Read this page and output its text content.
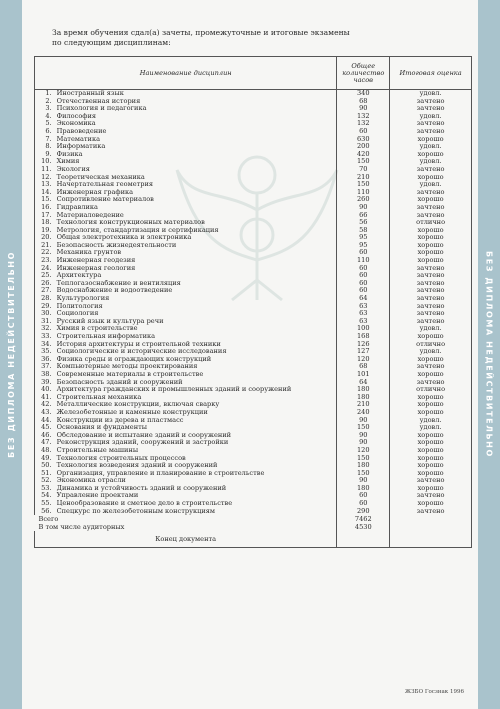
БЕЗ ДИПЛОМА НЕДЕЙСТВИТЕЛЬНО	БЕЗ ДИПЛОМА НЕДЕЙСТВИТЕЛЬНО
За время обучения сдал(а) зачеты, промежуточные и итоговые экзамены
по следующим дисциплинам:
Наименование дисциплин		Общее количество часов	Итоговая оценка
1.	Иностранный язык	340	удовл.
2.	Отечественная история	68	зачтено
3.	Психология и педагогика	90	зачтено
4.	Философия	132	удовл.
5.	Экономика	132	зачтено
6.	Правоведение	60	зачтено
7.	Математика	630	хорошо
8.	Информатика	200	удовл.
9.	Физика	420	хорошо
10.	Химия	150	удовл.
11.	Экология	70	зачтено
12.	Теоретическая механика	210	хорошо
13.	Начертательная геометрия	150	удовл.
14.	Инженерная графика	110	зачтено
15.	Сопротивление материалов	260	хорошо
16.	Гидравлика	90	зачтено
17.	Материаловедение	66	зачтено
18.	Технология конструкционных материалов	56	отлично
19.	Метрология, стандартизация и сертификация	58	хорошо
20.	Общая электротехника и электроника	95	хорошо
21.	Безопасность жизнедеятельности	95	хорошо
22.	Механика грунтов	60	хорошо
23.	Инженерная геодезия	110	хорошо
24.	Инженерная геология	60	зачтено
25.	Архитектура	60	зачтено
26.	Теплогазоснабжение и вентиляция	60	зачтено
27.	Водоснабжение и водоотведение	60	зачтено
28.	Культурология	64	зачтено
29.	Политология	63	зачтено
30.	Социология	63	зачтено
31.	Русский язык и культура речи	63	зачтено
32.	Химия в строительстве	100	удовл.
33.	Строительная информатика	168	хорошо
34.	История архитектуры и строительной техники	126	отлично
35.	Социологические и исторические исследования	127	удовл.
36.	Физика среды и ограждающих конструкций	120	хорошо
37.	Компьютерные методы проектирования	68	зачтено
38.	Современные материалы в строительстве	101	хорошо
39.	Безопасность зданий и сооружений	64	зачтено
40.	Архитектура гражданских и промышленных зданий и сооружений	180	отлично
41.	Строительная механика	180	хорошо
42.	Металлические конструкции, включая сварку	210	хорошо
43.	Железобетонные и каменные конструкции	240	хорошо
44.	Конструкции из дерева и пластмасс	90	удовл.
45.	Основания и фундаменты	150	удовл.
46.	Обследование и испытание зданий и сооружений	90	хорошо
47.	Реконструкция зданий, сооружений и застройки	90	хорошо
48.	Строительные машины	120	хорошо
49.	Технология строительных процессов	150	хорошо
50.	Технология возведения зданий и сооружений	180	хорошо
51.	Организация, управление и планирование в строительстве	150	хорошо
52.	Экономика отрасли	90	зачтено
53.	Динамика и устойчивость зданий и сооружений	180	хорошо
54.	Управление проектами	60	зачтено
55.	Ценообразование и сметное дело в строительстве	60	хорошо
56.	Спецкурс по железобетонным конструкциям	290	зачтено
Всего		7462	
В том числе аудиторных		4530	
Конец документа			
ЖЗБО Госзнак 1996
